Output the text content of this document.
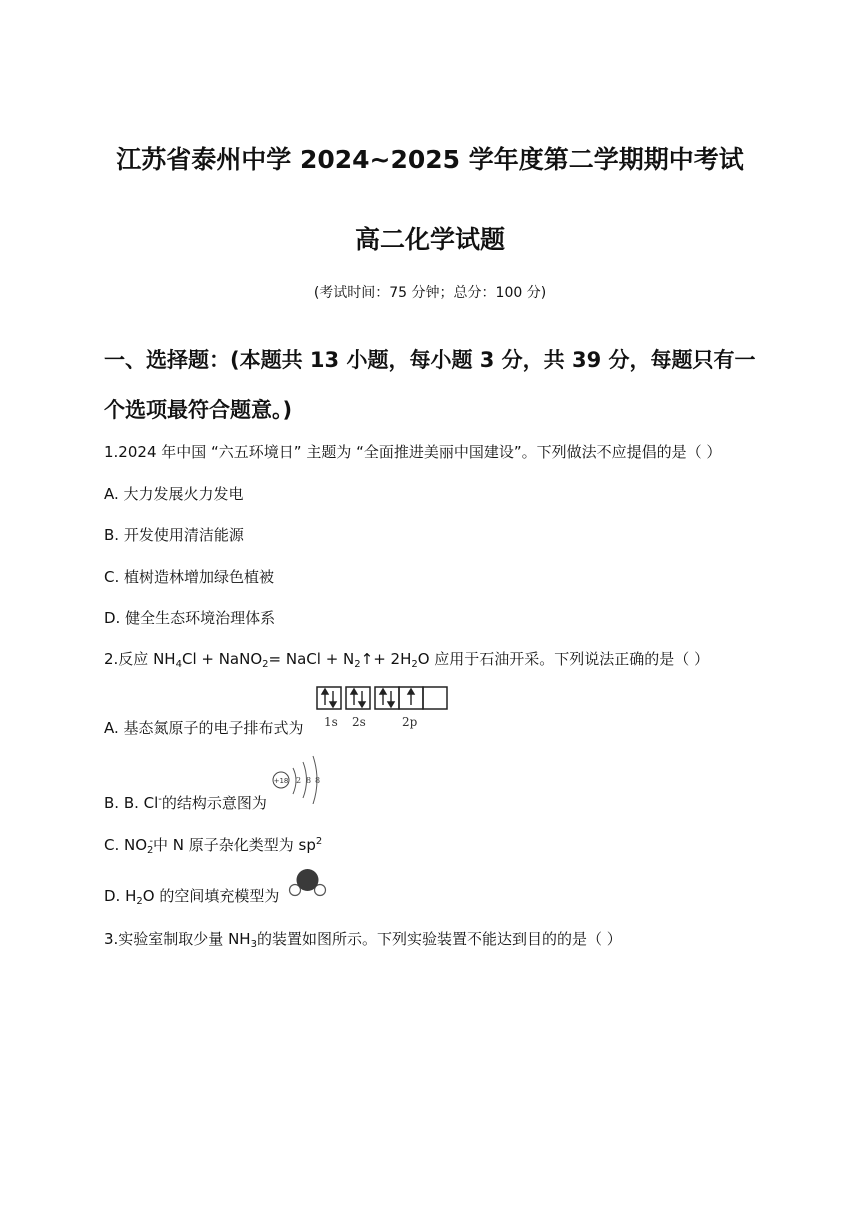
江苏省泰州中学 2024~2025 学年度第二学期期中考试
高二化学试题
(考试时间：75 分钟；总分：100 分)
一、选择题：(本题共 13 小题，每小题 3 分，共 39 分，每题只有一个选项最符合题意。)
1.2024 年中国 “六五环境日” 主题为 “全面推进美丽中国建设”。下列做法不应提倡的是（ ）
A. 大力发展火力发电
B. 开发使用清洁能源
C. 植树造林增加绿色植被
D. 健全生态环境治理体系
2.反应 $NH_4Cl$ + NaNO$_2$= NaCl + $N_2↑+ 2H_2O$ 应用于石油开采。下列说法正确的是（ ）
A. 基态氮原子的电子排布式为 1s 2s	2p
B. B. Cl-的结构示意图为
+18 2 8 8
C. $NO_2^-$中 N 原子杂化类型为 $sp^2$
D. $H_2O$ 的空间填充模型为
3.实验室制取少量 $NH_3$的装置如图所示。下列实验装置不能达到目的的是（ ）
